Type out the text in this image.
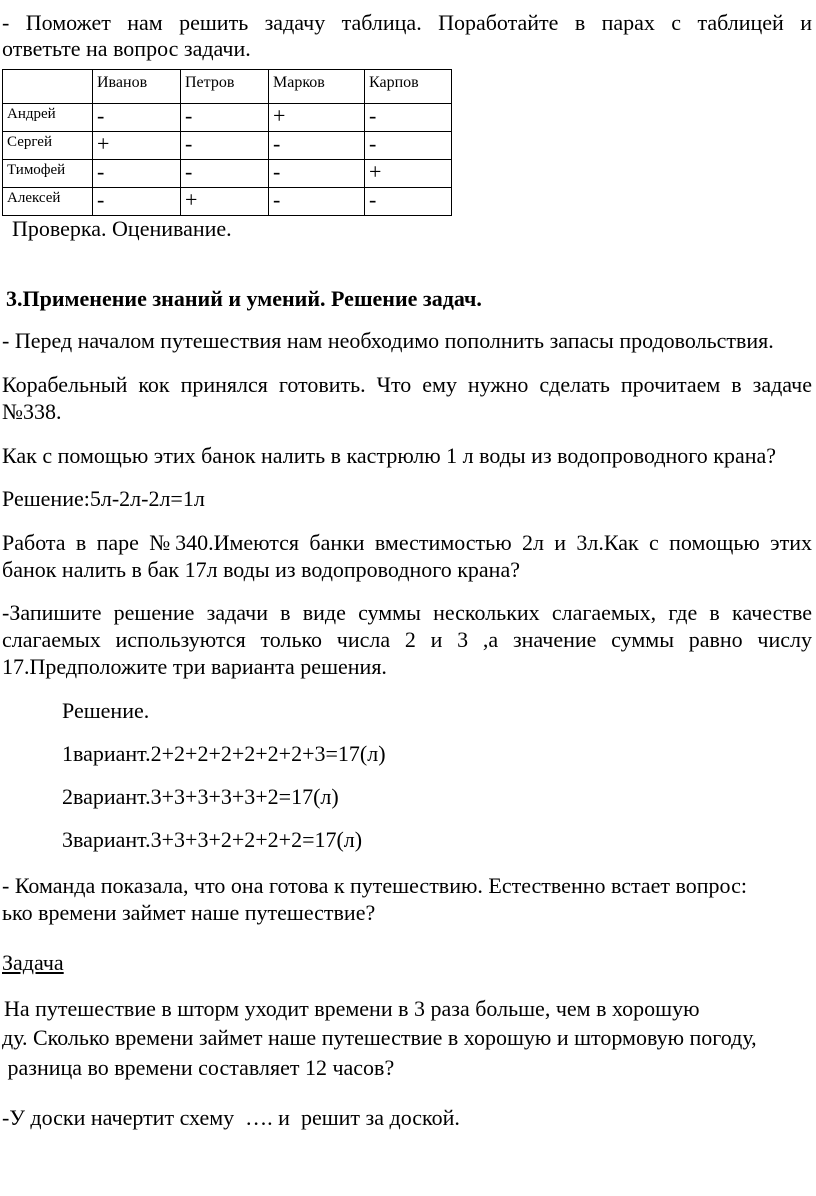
- Поможет нам решить задачу таблица. Поработайте в парах с таблицей и
ответьте на вопрос задачи.
	Иванов	Петров	Марков	Карпов
Андрей	-	-	+	-
Сергей	+	-	-	-
Тимофей	-	-	-	+
Алексей	-	+	-	-
Проверка. Оценивание.
3.Применение знаний и умений. Решение задач.
- Перед началом путешествия нам необходимо пополнить запасы продовольствия.
Корабельный кок принялся готовить. Что ему нужно сделать прочитаем в задаче
№338.
Как с помощью этих банок налить в кастрюлю 1 л воды из водопроводного крана?
Решение:5л-2л-2л=1л
Работа в паре №340.Имеются банки вместимостью 2л и 3л.Как с помощью этих
банок налить в бак 17л воды из водопроводного крана?
-Запишите решение задачи в виде суммы нескольких слагаемых, где в качестве
слагаемых используются только числа 2 и 3 ,а значение суммы равно числу
17.Предположите три варианта решения.
Решение.
1вариант.2+2+2+2+2+2+2+3=17(л)
2вариант.3+3+3+3+3+2=17(л)
3вариант.3+3+3+2+2+2+2=17(л)
- Команда показала, что она готова к путешествию. Естественно встает вопрос:
ько времени займет наше путешествие?
Задача
На путешествие в шторм уходит времени в 3 раза больше, чем в хорошую
ду. Сколько времени займет наше путешествие в хорошую и штормовую погоду,
разница во времени составляет 12 часов?
-У доски начертит схему  …. и  решит за доской.
